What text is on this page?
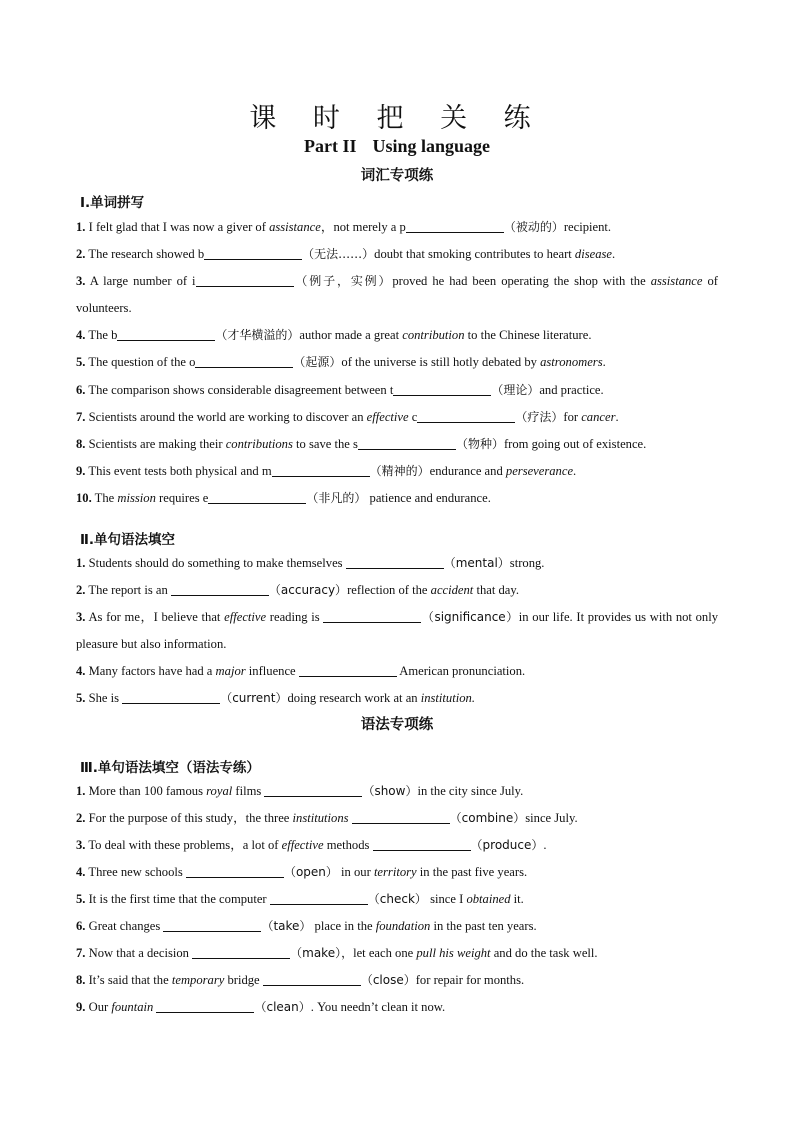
课 时 把 关 练
Part II Using language
词汇专项练
Ⅰ.单词拼写
1. I felt glad that I was now a giver of assistance，not merely a p	（被动的）recipient.
2. The research showed b	（无法……）doubt that smoking contributes to heart disease.
3. A large number of i	（例子，实例）proved he had been operating the shop with the assistance of volunteers.
4. The b	（才华横溢的）author made a great contribution to the Chinese literature.
5. The question of the o	（起源）of the universe is still hotly debated by astronomers.
6. The comparison shows considerable disagreement between t	（理论）and practice.
7. Scientists around the world are working to discover an effective c	（疗法）for cancer.
8. Scientists are making their contributions to save the s	（物种）from going out of existence.
9. This event tests both physical and m	（精神的）endurance and perseverance.
10. The mission requires e	（非凡的） patience and endurance.
Ⅱ.单句语法填空
1. Students should do something to make themselves	（mental）strong.
2. The report is an	（accuracy）reflection of the accident that day.
3. As for me，I believe that effective reading is	（significance）in our life. It provides us with not only pleasure but also information.
4. Many factors have had a major influence	American pronunciation.
5. She is	（current）doing research work at an institution.
语法专项练
Ⅲ.单句语法填空（语法专练）
1. More than 100 famous royal films	（show）in the city since July.
2. For the purpose of this study，the three institutions	（combine）since July.
3. To deal with these problems，a lot of effective methods	（produce）.
4. Three new schools	（open） in our territory in the past five years.
5. It is the first time that the computer	（check） since I obtained it.
6. Great changes	（take） place in the foundation in the past ten years.
7. Now that a decision	（make），let each one pull his weight and do the task well.
8. It’s said that the temporary bridge	（close）for repair for months.
9. Our fountain	（clean）. You needn’t clean it now.
